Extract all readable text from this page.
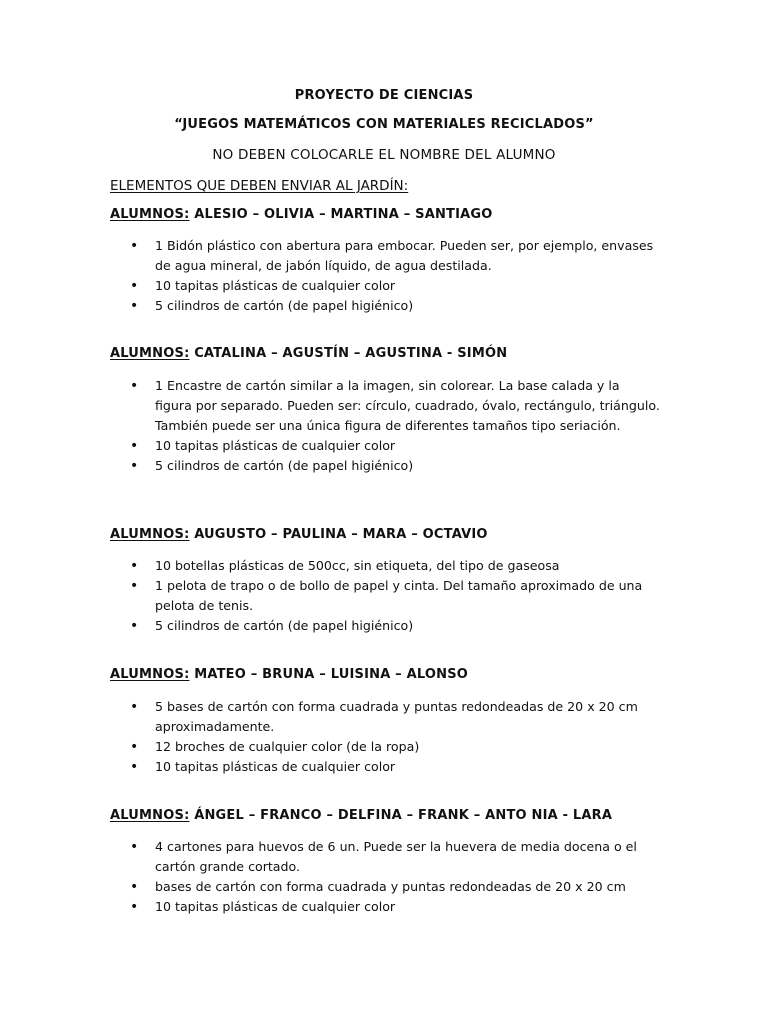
PROYECTO DE CIENCIAS
“JUEGOS MATEMÁTICOS CON MATERIALES RECICLADOS”
NO DEBEN COLOCARLE EL NOMBRE DEL ALUMNO
ELEMENTOS QUE DEBEN ENVIAR AL JARDÍN:
ALUMNOS: ALESIO – OLIVIA – MARTINA – SANTIAGO
• 1 Bidón plástico con abertura para embocar. Pueden ser, por ejemplo, envases de agua mineral, de jabón líquido, de agua destilada.
• 10 tapitas plásticas de cualquier color
• 5 cilindros de cartón (de papel higiénico)
ALUMNOS: CATALINA – AGUSTÍN – AGUSTINA - SIMÓN
• 1 Encastre de cartón similar a la imagen, sin colorear. La base calada y la figura por separado. Pueden ser: círculo, cuadrado, óvalo, rectángulo, triángulo. También puede ser una única figura de diferentes tamaños tipo seriación.
• 10 tapitas plásticas de cualquier color
• 5 cilindros de cartón (de papel higiénico)
ALUMNOS: AUGUSTO – PAULINA – MARA – OCTAVIO
• 10 botellas plásticas de 500cc, sin etiqueta, del tipo de gaseosa
• 1 pelota de trapo o de bollo de papel y cinta. Del tamaño aproximado de una pelota de tenis.
• 5 cilindros de cartón (de papel higiénico)
ALUMNOS: MATEO – BRUNA – LUISINA – ALONSO
• 5 bases de cartón con forma cuadrada y puntas redondeadas de 20 x 20 cm aproximadamente.
• 12 broches de cualquier color (de la ropa)
• 10 tapitas plásticas de cualquier color
ALUMNOS: ÁNGEL – FRANCO – DELFINA – FRANK – ANTO NIA - LARA
• 4 cartones para huevos de 6 un. Puede ser la huevera de media docena o el cartón grande cortado.
• bases de cartón con forma cuadrada y puntas redondeadas de 20 x 20 cm
• 10 tapitas plásticas de cualquier color
